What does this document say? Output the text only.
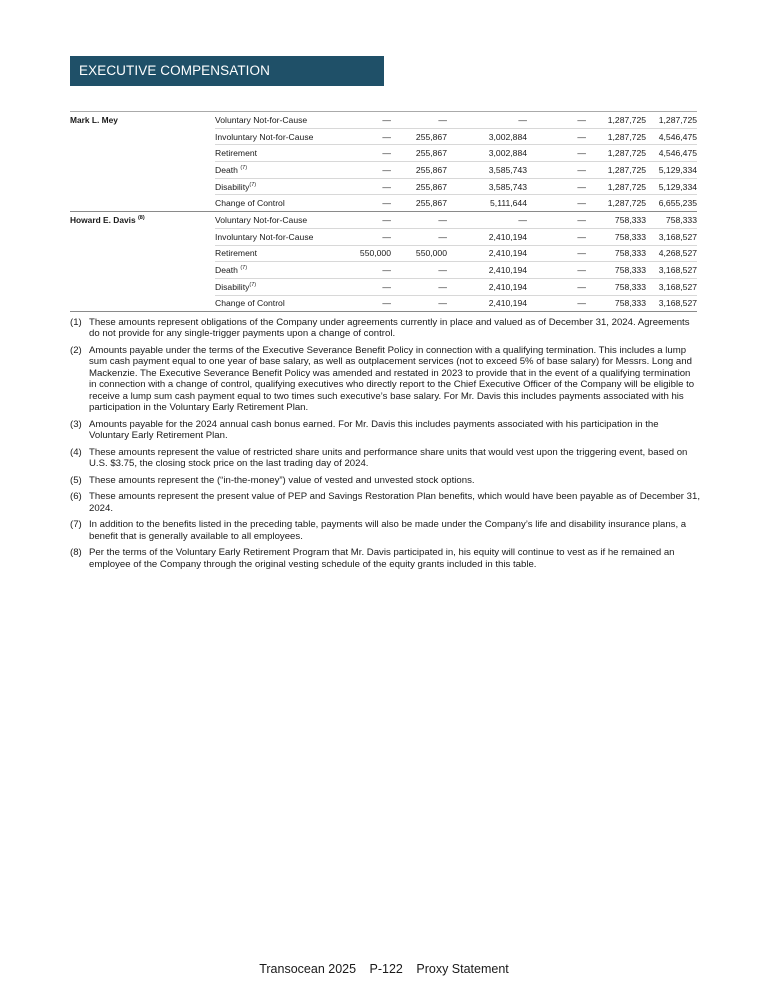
EXECUTIVE COMPENSATION
Mark L. Mey	Voluntary Not-for-Cause	—	—	—	—	1,287,725	1,287,725
	Involuntary Not-for-Cause	—	255,867	3,002,884	—	1,287,725	4,546,475
	Retirement	—	255,867	3,002,884	—	1,287,725	4,546,475
	Death $^{(7)}$	—	255,867	3,585,743	—	1,287,725	5,129,334
	Disability$^{(7)}$	—	255,867	3,585,743	—	1,287,725	5,129,334
	Change of Control	—	255,867	5,111,644	—	1,287,725	6,655,235
Howard E. Davis $^{(8)}$	Voluntary Not-for-Cause	—	—	—	—	758,333	758,333
	Involuntary Not-for-Cause	—	—	2,410,194	—	758,333	3,168,527
	Retirement	550,000	550,000	2,410,194	—	758,333	4,268,527
	Death $^{(7)}$	—	—	2,410,194	—	758,333	3,168,527
	Disability$^{(7)}$	—	—	2,410,194	—	758,333	3,168,527
	Change of Control	—	—	2,410,194	—	758,333	3,168,527
(1) These amounts represent obligations of the Company under agreements currently in place and valued as of December 31, 2024. Agreements do not provide for any single-trigger payments upon a change of control.
(2) Amounts payable under the terms of the Executive Severance Benefit Policy in connection with a qualifying termination. This includes a lump sum cash payment equal to one year of base salary, as well as outplacement services (not to exceed 5% of base salary) for Messrs. Long and Mackenzie. The Executive Severance Benefit Policy was amended and restated in 2023 to provide that in the event of a qualifying termination in connection with a change of control, qualifying executives who directly report to the Chief Executive Officer of the Company will be eligible to receive a lump sum cash payment equal to two times such executive’s base salary. For Mr. Davis this includes payments associated with his participation in the Voluntary Early Retirement Plan.
(3) Amounts payable for the 2024 annual cash bonus earned. For Mr. Davis this includes payments associated with his participation in the Voluntary Early Retirement Plan.
(4) These amounts represent the value of restricted share units and performance share units that would vest upon the triggering event, based on U.S. $3.75, the closing stock price on the last trading day of 2024.
(5) These amounts represent the (“in-the-money”) value of vested and unvested stock options.
(6) These amounts represent the present value of PEP and Savings Restoration Plan benefits, which would have been payable as of December 31, 2024.
(7) In addition to the benefits listed in the preceding table, payments will also be made under the Company’s life and disability insurance plans, a benefit that is generally available to all employees.
(8) Per the terms of the Voluntary Early Retirement Program that Mr. Davis participated in, his equity will continue to vest as if he remained an employee of the Company through the original vesting schedule of the equity grants included in this table.
Transocean 2025 P-122 Proxy Statement
